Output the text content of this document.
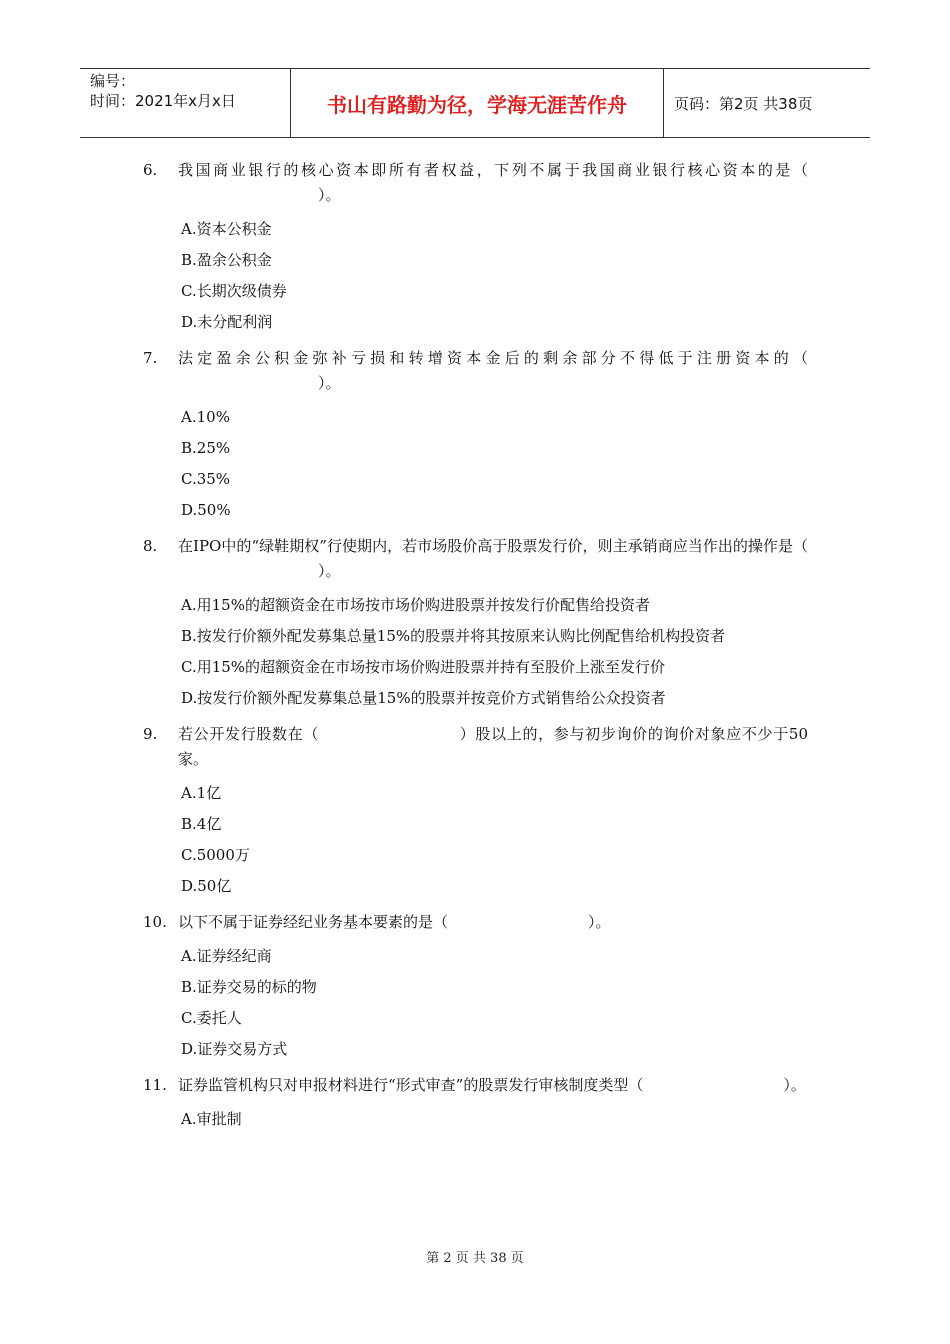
编号：
时间：2021年x月x日	书山有路勤为径，学海无涯苦作舟	页码：第2页 共38页
6.	我国商业银行的核心资本即所有者权益，下列不属于我国商业银行核心资本的是（）。
A.资本公积金
B.盈余公积金
C.长期次级债券
D.未分配利润
7.	法定盈余公积金弥补亏损和转增资本金后的剩余部分不得低于注册资本的（）。
A.10%
B.25%
C.35%
D.50%
8.	在IPO中的“绿鞋期权”行使期内，若市场股价高于股票发行价，则主承销商应当作出的操作是（）。
A.用15%的超额资金在市场按市场价购进股票并按发行价配售给投资者
B.按发行价额外配发募集总量15%的股票并将其按原来认购比例配售给机构投资者
C.用15%的超额资金在市场按市场价购进股票并持有至股价上涨至发行价
D.按发行价额外配发募集总量15%的股票并按竞价方式销售给公众投资者
9.	若公开发行股数在（	）股以上的，参与初步询价的询价对象应不少于50家。
A.1亿
B.4亿
C.5000万
D.50亿
10. 以下不属于证券经纪业务基本要素的是（	）。
A.证券经纪商
B.证券交易的标的物
C.委托人
D.证券交易方式
11. 证券监管机构只对申报材料进行“形式审查”的股票发行审核制度类型（	）。
A.审批制
第 2 页 共 38 页
